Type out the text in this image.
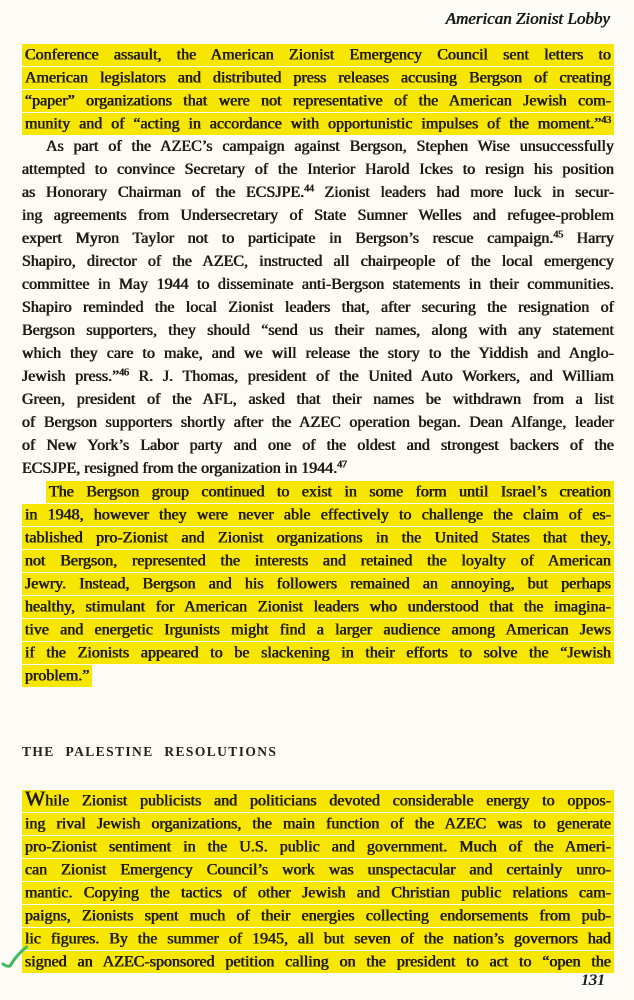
American Zionist Lobby

Conference assault, the American Zionist Emergency Council sent letters to
American legislators and distributed press releases accusing Bergson of creating
“paper” organizations that were not representative of the American Jewish com-
munity and of “acting in accordance with opportunistic impulses of the moment.”$^{43}$

As part of the AZEC’s campaign against Bergson, Stephen Wise unsuccessfully
attempted to convince Secretary of the Interior Harold Ickes to resign his position
as Honorary Chairman of the ECSJPE.$^{44}$ Zionist leaders had more luck in secur-
ing agreements from Undersecretary of State Sumner Welles and refugee-problem
expert Myron Taylor not to participate in Bergson’s rescue campaign.$^{45}$ Harry
Shapiro, director of the AZEC, instructed all chairpeople of the local emergency
committee in May 1944 to disseminate anti-Bergson statements in their communities.
Shapiro reminded the local Zionist leaders that, after securing the resignation of
Bergson supporters, they should “send us their names, along with any statement
which they care to make, and we will release the story to the Yiddish and Anglo-
Jewish press.”$^{46}$ R. J. Thomas, president of the United Auto Workers, and William
Green, president of the AFL, asked that their names be withdrawn from a list
of Bergson supporters shortly after the AZEC operation began. Dean Alfange, leader
of New York’s Labor party and one of the oldest and strongest backers of the
ECSJPE, resigned from the organization in 1944.47

The Bergson group continued to exist in some form until Israel’s creation
in 1948, however they were never able effectively to challenge the claim of es-
tablished pro-Zionist and Zionist organizations in the United States that they,
not Bergson, represented the interests and retained the loyalty of American
Jewry. Instead, Bergson and his followers remained an annoying, but perhaps
healthy, stimulant for American Zionist leaders who understood that the imagina-
tive and energetic Irgunists might find a larger audience among American Jews
if the Zionists appeared to be slackening in their efforts to solve the “Jewish
problem.”

THE PALESTINE RESOLUTIONS

While Zionist publicists and politicians devoted considerable energy to oppos-
ing rival Jewish organizations, the main function of the AZEC was to generate
pro-Zionist sentiment in the U.S. public and government. Much of the Ameri-
can Zionist Emergency Council’s work was unspectacular and certainly unro-
mantic. Copying the tactics of other Jewish and Christian public relations cam-
paigns, Zionists spent much of their energies collecting endorsements from pub-
lic figures. By the summer of 1945, all but seven of the nation’s governors had
signed an AZEC-sponsored petition calling on the president to act to “open the

131
